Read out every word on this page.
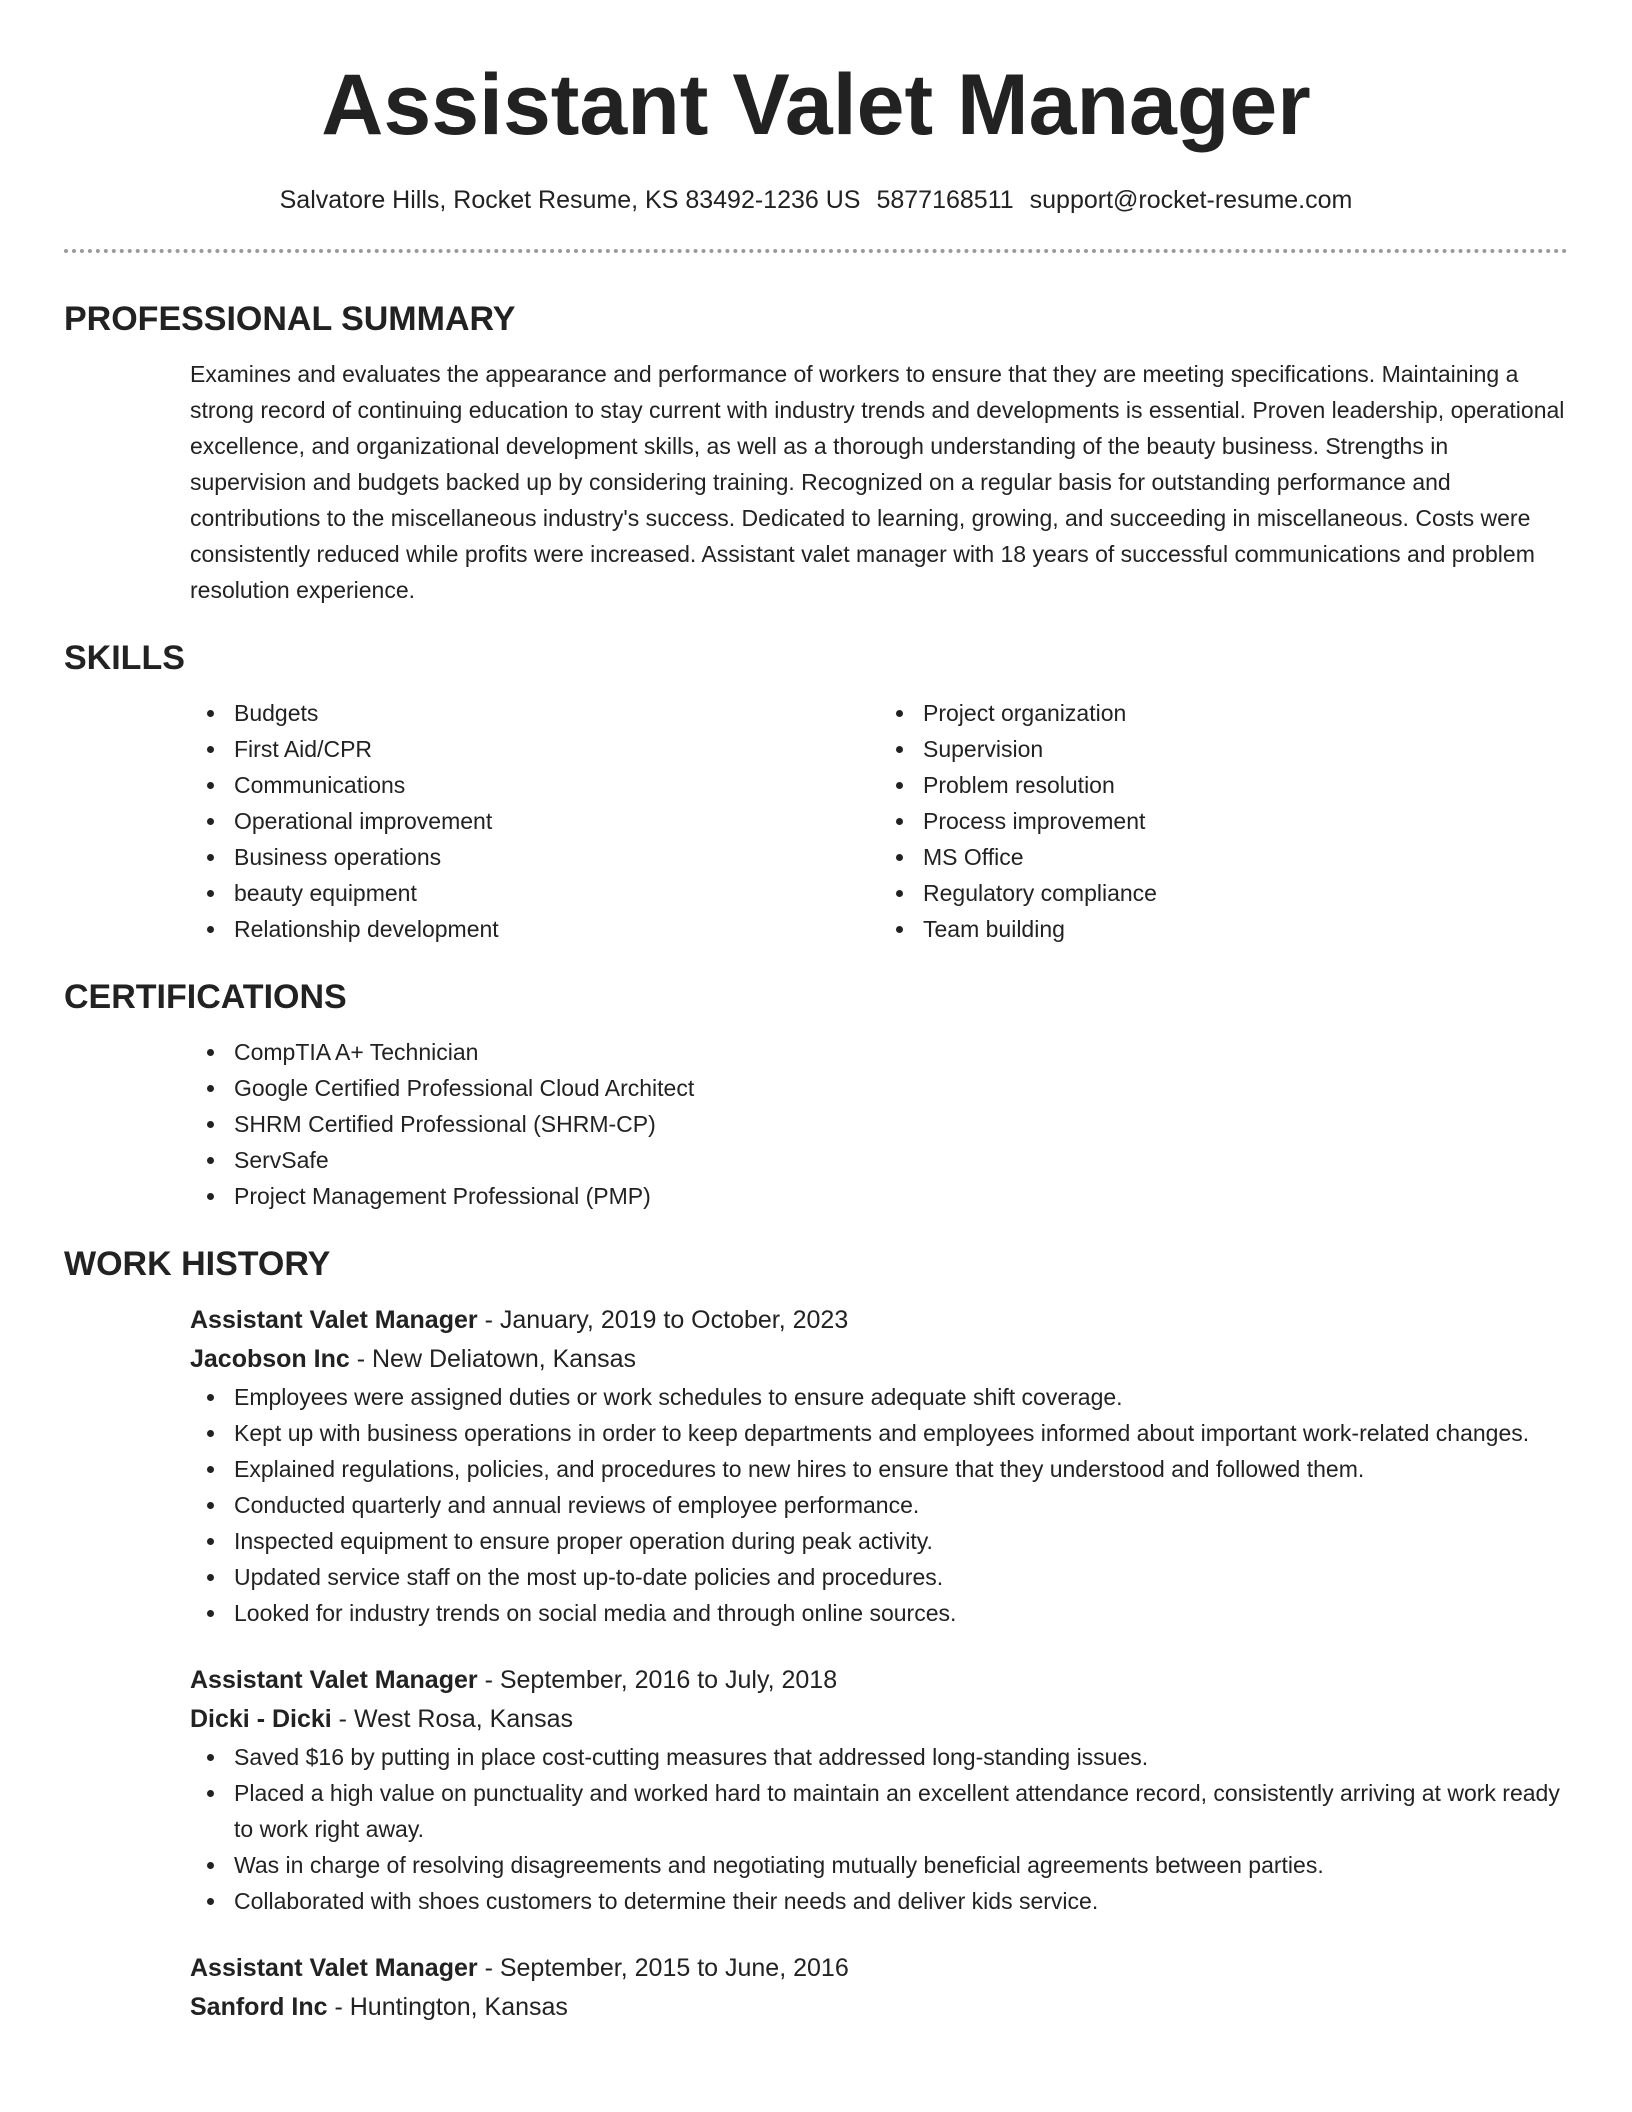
Assistant Valet Manager
Salvatore Hills, Rocket Resume, KS 83492-1236 US 5877168511 support@rocket-resume.com
PROFESSIONAL SUMMARY

Examines and evaluates the appearance and performance of workers to ensure that they are meeting specifications. Maintaining a strong record of continuing education to stay current with industry trends and developments is essential. Proven leadership, operational excellence, and organizational development skills, as well as a thorough understanding of the beauty business. Strengths in supervision and budgets backed up by considering training. Recognized on a regular basis for outstanding performance and contributions to the miscellaneous industry's success. Dedicated to learning, growing, and succeeding in miscellaneous. Costs were consistently reduced while profits were increased. Assistant valet manager with 18 years of successful communications and problem resolution experience.

SKILLS
Budgets
First Aid/CPR
Communications
Operational improvement
Business operations
beauty equipment
Relationship development
Project organization
Supervision
Problem resolution
Process improvement
MS Office
Regulatory compliance
Team building
CERTIFICATIONS
CompTIA A+ Technician
Google Certified Professional Cloud Architect
SHRM Certified Professional (SHRM-CP)
ServSafe
Project Management Professional (PMP)
WORK HISTORY

Assistant Valet Manager - January, 2019 to October, 2023

Jacobson Inc - New Deliatown, Kansas

Employees were assigned duties or work schedules to ensure adequate shift coverage.
Kept up with business operations in order to keep departments and employees informed about important work-related changes.
Explained regulations, policies, and procedures to new hires to ensure that they understood and followed them.
Conducted quarterly and annual reviews of employee performance.
Inspected equipment to ensure proper operation during peak activity.
Updated service staff on the most up-to-date policies and procedures.
Looked for industry trends on social media and through online sources.

Assistant Valet Manager - September, 2016 to July, 2018

Dicki - Dicki - West Rosa, Kansas

Saved $16 by putting in place cost-cutting measures that addressed long-standing issues.
Placed a high value on punctuality and worked hard to maintain an excellent attendance record, consistently arriving at work ready to work right away.
Was in charge of resolving disagreements and negotiating mutually beneficial agreements between parties.
Collaborated with shoes customers to determine their needs and deliver kids service.

Assistant Valet Manager - September, 2015 to June, 2016

Sanford Inc - Huntington, Kansas
